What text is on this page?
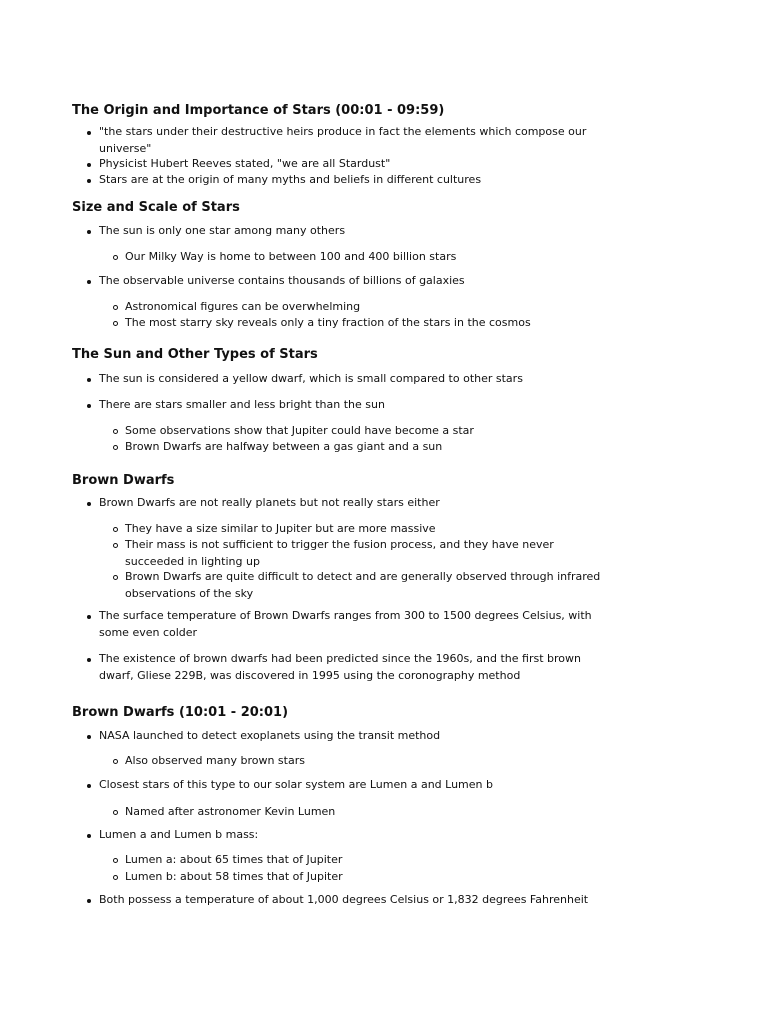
The Origin and Importance of Stars (00:01 - 09:59)
"the stars under their destructive heirs produce in fact the elements which compose our universe"
Physicist Hubert Reeves stated, "we are all Stardust"
Stars are at the origin of many myths and beliefs in different cultures
Size and Scale of Stars
The sun is only one star among many others
Our Milky Way is home to between 100 and 400 billion stars
The observable universe contains thousands of billions of galaxies
Astronomical figures can be overwhelming
The most starry sky reveals only a tiny fraction of the stars in the cosmos
The Sun and Other Types of Stars
The sun is considered a yellow dwarf, which is small compared to other stars
There are stars smaller and less bright than the sun
Some observations show that Jupiter could have become a star
Brown Dwarfs are halfway between a gas giant and a sun
Brown Dwarfs
Brown Dwarfs are not really planets but not really stars either
They have a size similar to Jupiter but are more massive
Their mass is not sufficient to trigger the fusion process, and they have never succeeded in lighting up
Brown Dwarfs are quite difficult to detect and are generally observed through infrared observations of the sky
The surface temperature of Brown Dwarfs ranges from 300 to 1500 degrees Celsius, with some even colder
The existence of brown dwarfs had been predicted since the 1960s, and the first brown dwarf, Gliese 229B, was discovered in 1995 using the coronography method
Brown Dwarfs (10:01 - 20:01)
NASA launched to detect exoplanets using the transit method
Also observed many brown stars
Closest stars of this type to our solar system are Lumen a and Lumen b
Named after astronomer Kevin Lumen
Lumen a and Lumen b mass:
Lumen a: about 65 times that of Jupiter
Lumen b: about 58 times that of Jupiter
Both possess a temperature of about 1,000 degrees Celsius or 1,832 degrees Fahrenheit
